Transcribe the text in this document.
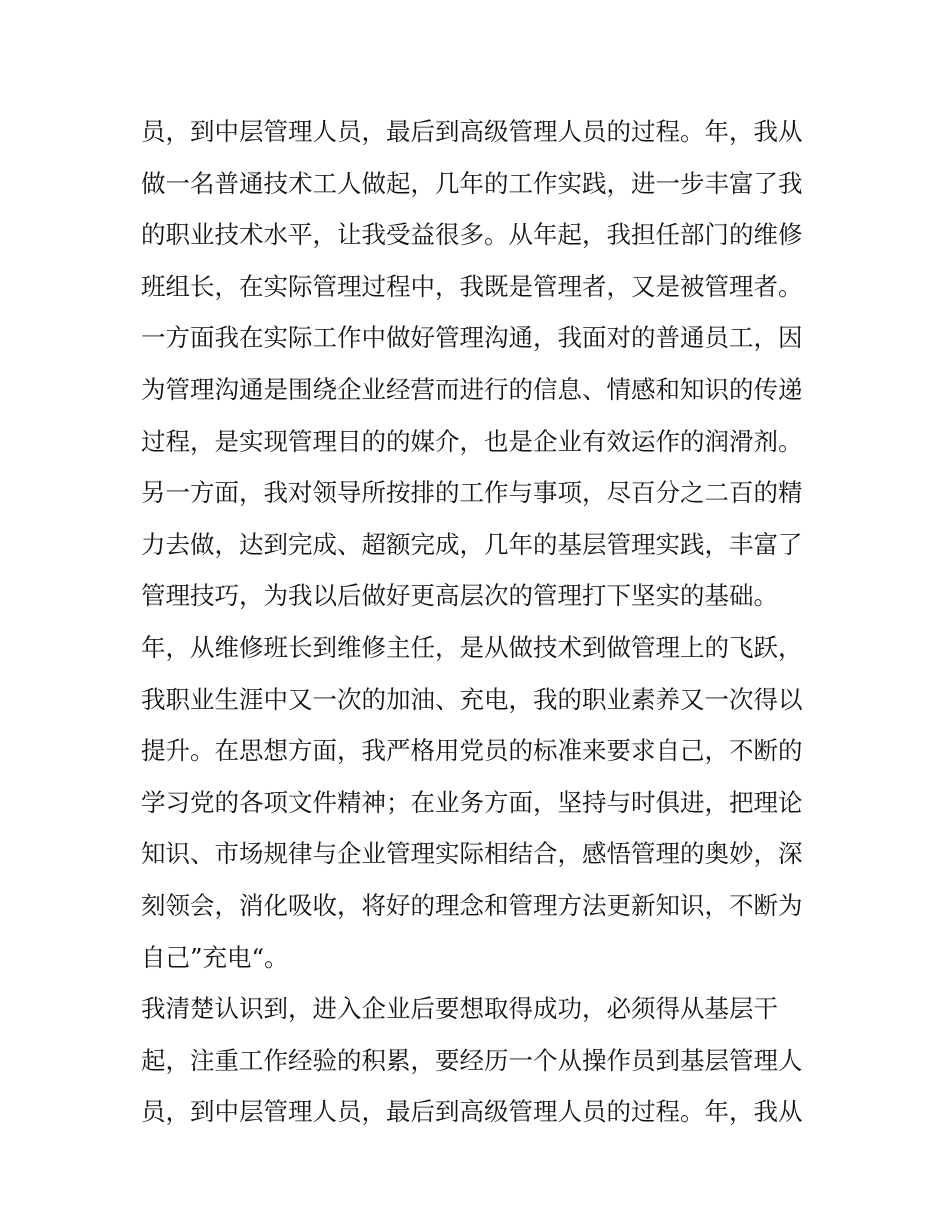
员，到中层管理人员，最后到高级管理人员的过程。年，我从
做一名普通技术工人做起，几年的工作实践，进一步丰富了我
的职业技术水平，让我受益很多。从年起，我担任部门的维修
班组长，在实际管理过程中，我既是管理者，又是被管理者。
一方面我在实际工作中做好管理沟通，我面对的普通员工，因
为管理沟通是围绕企业经营而进行的信息、情感和知识的传递
过程，是实现管理目的的媒介，也是企业有效运作的润滑剂。
另一方面，我对领导所按排的工作与事项，尽百分之二百的精
力去做，达到完成、超额完成，几年的基层管理实践，丰富了
管理技巧，为我以后做好更高层次的管理打下坚实的基础。
年，从维修班长到维修主任，是从做技术到做管理上的飞跃，
我职业生涯中又一次的加油、充电，我的职业素养又一次得以
提升。在思想方面，我严格用党员的标准来要求自己，不断的
学习党的各项文件精神；在业务方面，坚持与时俱进，把理论
知识、市场规律与企业管理实际相结合，感悟管理的奥妙，深
刻领会，消化吸收，将好的理念和管理方法更新知识，不断为
自己”充电“。
我清楚认识到，进入企业后要想取得成功，必须得从基层干
起，注重工作经验的积累，要经历一个从操作员到基层管理人
员，到中层管理人员，最后到高级管理人员的过程。年，我从
